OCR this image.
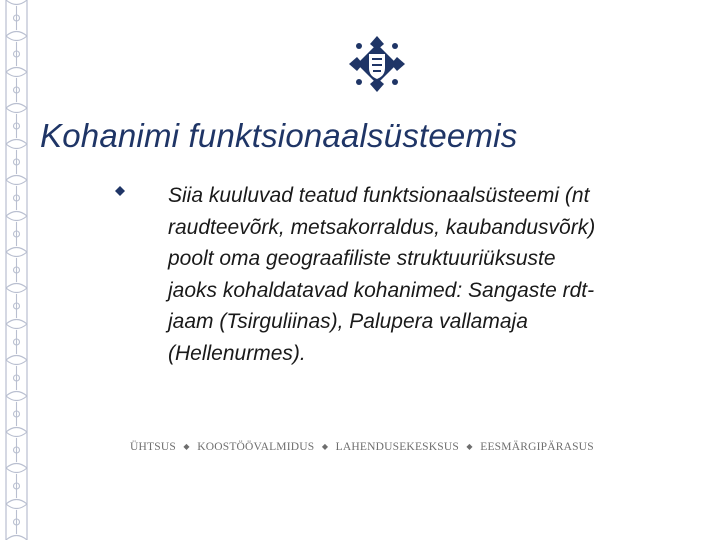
Kohanimi funktsionaalsüsteemis
Siia kuuluvad teatud funktsionaalsüsteemi (nt
raudteevõrk, metsakorraldus, kaubandusvõrk)
poolt oma geograafiliste struktuuriüksuste
jaoks kohaldatavad kohanimed: Sangaste rdt-
jaam (Tsirguliinas), Palupera vallamaja
(Hellenurmes).
ÜHTSUS ◆ KOOSTÖÖVALMIDUS ◆ LAHENDUSEKESKSUS ◆ EESMÄRGIPÄRASUS
